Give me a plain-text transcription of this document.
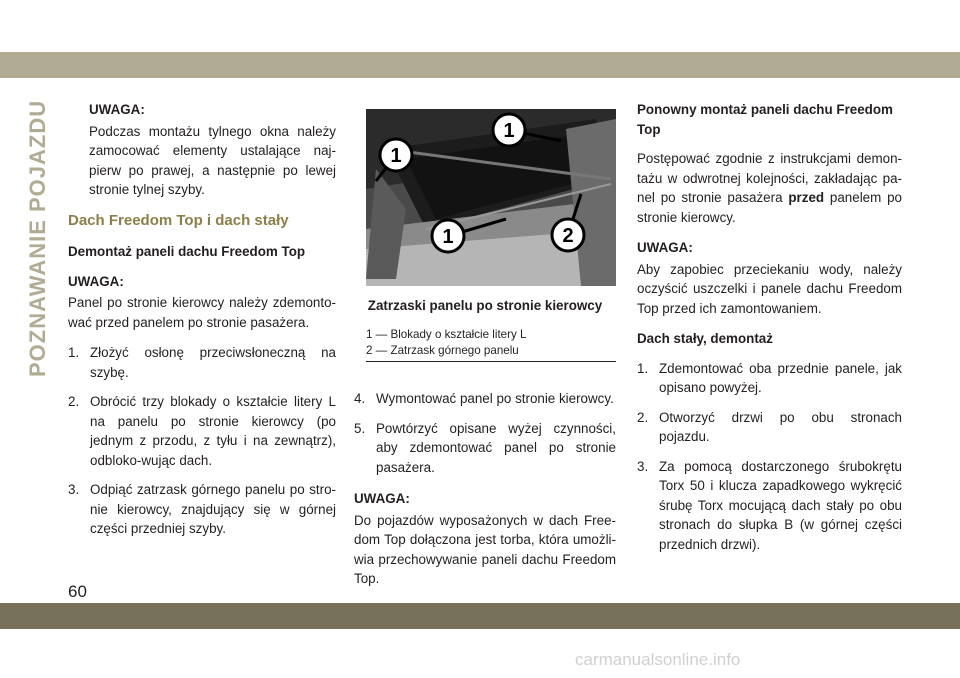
POZNAWANIE POJAZDU
60
carmanualsonline.info

UWAGA:

Podczas montażu tylnego okna należy zamocować elementy ustalające naj-pierw po prawej, a następnie po lewej stronie tylnej szyby.

Dach Freedom Top i dach stały

Demontaż paneli dachu Freedom Top

UWAGA:

Panel po stronie kierowcy należy zdemonto-wać przed panelem po stronie pasażera.

1. Złożyć osłonę przeciwsłoneczną na szybę.
2. Obrócić trzy blokady o kształcie litery L na panelu po stronie kierowcy (po jednym z przodu, z tyłu i na zewnątrz), odbloko-wując dach.
3. Odpiąć zatrzask górnego panelu po stro-nie kierowcy, znajdujący się w górnej części przedniej szyby.
1
1
1	2
Zatrzaski panelu po stronie kierowcy
1 — Blokady o kształcie litery L
2 — Zatrzask górnego panelu
4. Wymontować panel po stronie kierowcy.
5. Powtórzyć opisane wyżej czynności, aby zdemontować panel po stronie pasażera.

UWAGA:

Do pojazdów wyposażonych w dach Free-dom Top dołączona jest torba, która umożli-wia przechowywanie paneli dachu Freedom Top.

Ponowny montaż paneli dachu Freedom Top

Postępować zgodnie z instrukcjami demon-tażu w odwrotnej kolejności, zakładając pa-nel po stronie pasażera przed panelem po stronie kierowcy.

UWAGA:

Aby zapobiec przeciekaniu wody, należy oczyścić uszczelki i panele dachu Freedom Top przed ich zamontowaniem.

Dach stały, demontaż

1. Zdemontować oba przednie panele, jak opisano powyżej.
2. Otworzyć drzwi po obu stronach pojazdu.
3. Za pomocą dostarczonego śrubokrętu Torx 50 i klucza zapadkowego wykręcić śrubę Torx mocującą dach stały po obu stronach do słupka B (w górnej części przednich drzwi).
